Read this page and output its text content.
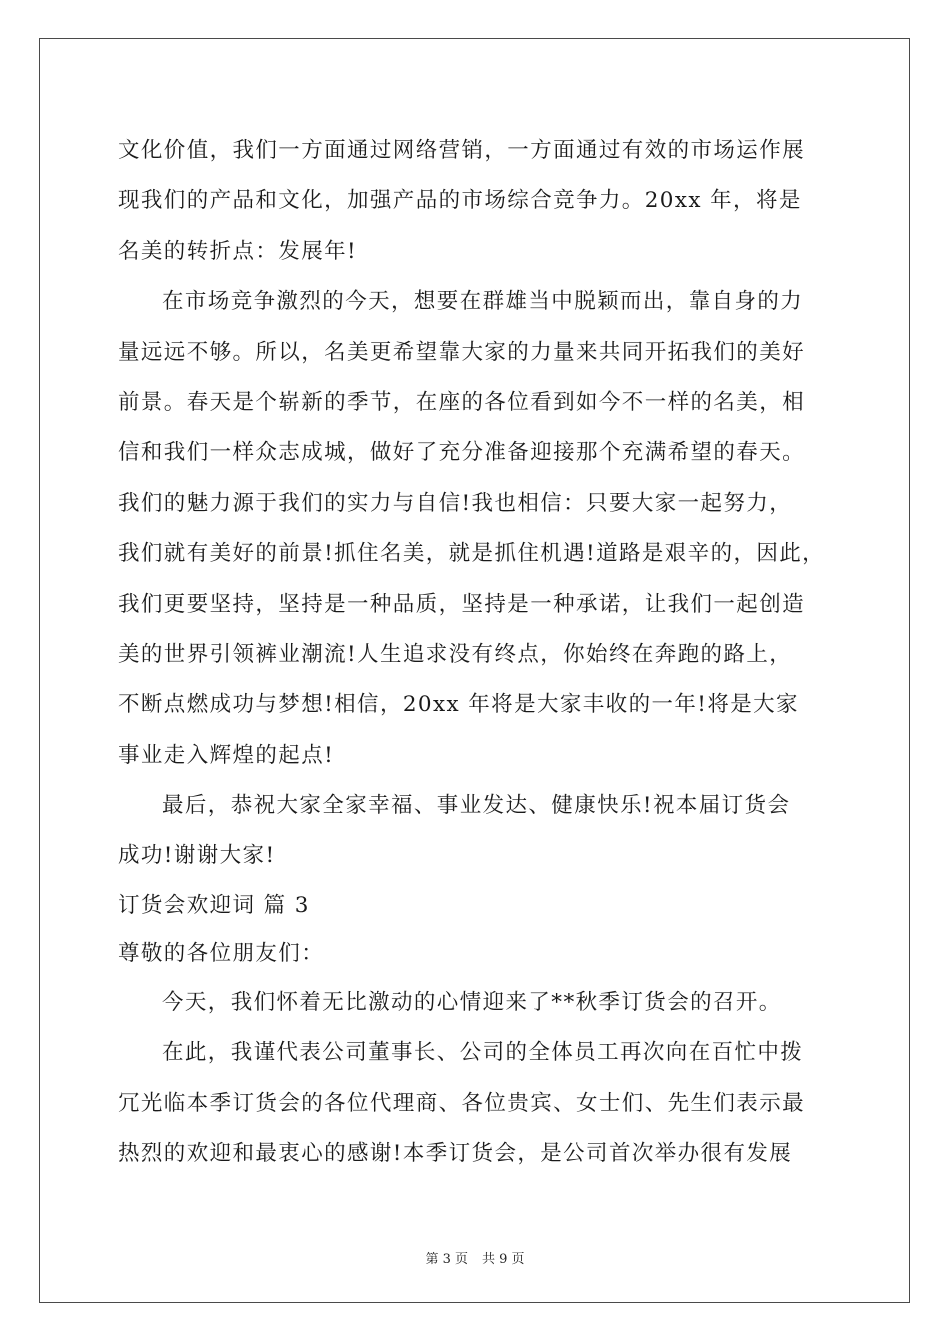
文化价值，我们一方面通过网络营销，一方面通过有效的市场运作展
现我们的产品和文化，加强产品的市场综合竞争力。20xx 年，将是
名美的转折点：发展年!
在市场竞争激烈的今天，想要在群雄当中脱颖而出，靠自身的力
量远远不够。所以，名美更希望靠大家的力量来共同开拓我们的美好
前景。春天是个崭新的季节，在座的各位看到如今不一样的名美，相
信和我们一样众志成城，做好了充分准备迎接那个充满希望的春天。
我们的魅力源于我们的实力与自信!我也相信：只要大家一起努力，
我们就有美好的前景!抓住名美，就是抓住机遇!道路是艰辛的，因此，
我们更要坚持，坚持是一种品质，坚持是一种承诺，让我们一起创造
美的世界引领裤业潮流!人生追求没有终点，你始终在奔跑的路上，
不断点燃成功与梦想!相信，20xx 年将是大家丰收的一年!将是大家
事业走入辉煌的起点!
最后，恭祝大家全家幸福、事业发达、健康快乐!祝本届订货会
成功!谢谢大家!
订货会欢迎词 篇 3
尊敬的各位朋友们：
今天，我们怀着无比激动的心情迎来了**秋季订货会的召开。
在此，我谨代表公司董事长、公司的全体员工再次向在百忙中拨
冗光临本季订货会的各位代理商、各位贵宾、女士们、先生们表示最
热烈的欢迎和最衷心的感谢!本季订货会，是公司首次举办很有发展
第 3 页 共 9 页
